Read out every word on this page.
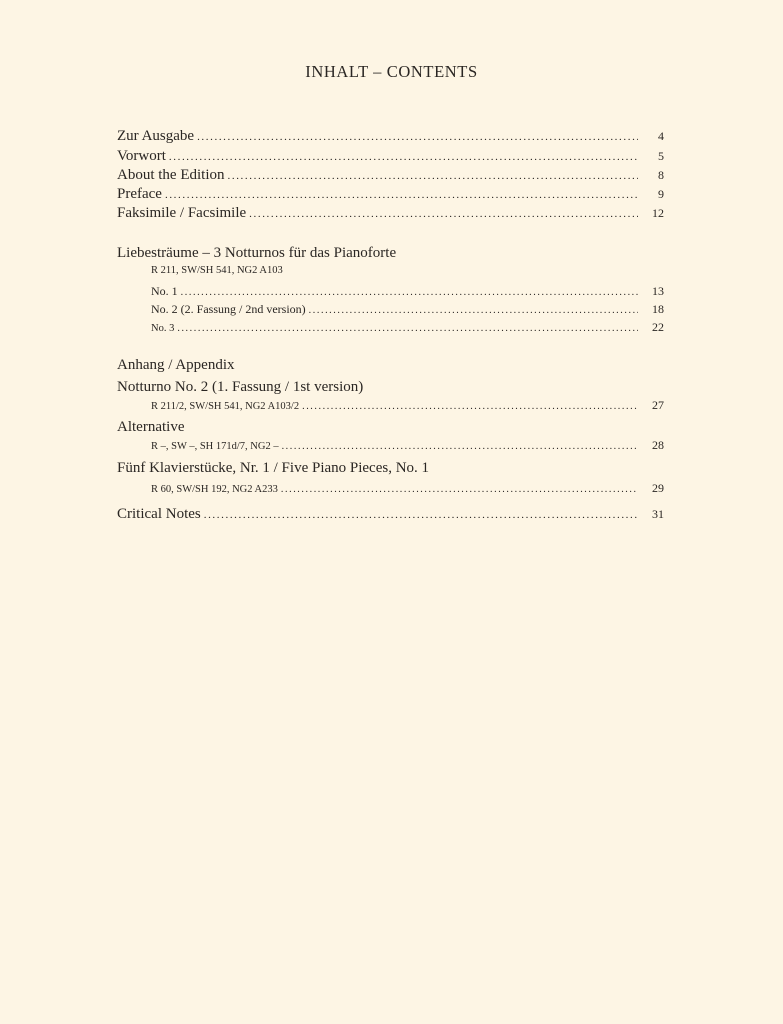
INHALT – CONTENTS
Zur Ausgabe .....	4
Vorwort .....	5
About the Edition .....	8
Preface .....	9
Faksimile / Facsimile .....	12
Liebesträume – 3 Notturnos für das Pianoforte
R 211, SW/SH 541, NG2 A103
No. 1 .....	13
No. 2 (2. Fassung / 2nd version) .....	18
No. 3 .....	22
Anhang / Appendix
Notturno No. 2 (1. Fassung / 1st version)
R 211/2, SW/SH 541, NG2 A103/2 .....	27
Alternative
R –, SW –, SH 171d/7, NG2 – .....	28
Fünf Klavierstücke, Nr. 1 / Five Piano Pieces, No. 1
R 60, SW/SH 192, NG2 A233 .....	29
Critical Notes .....	31
